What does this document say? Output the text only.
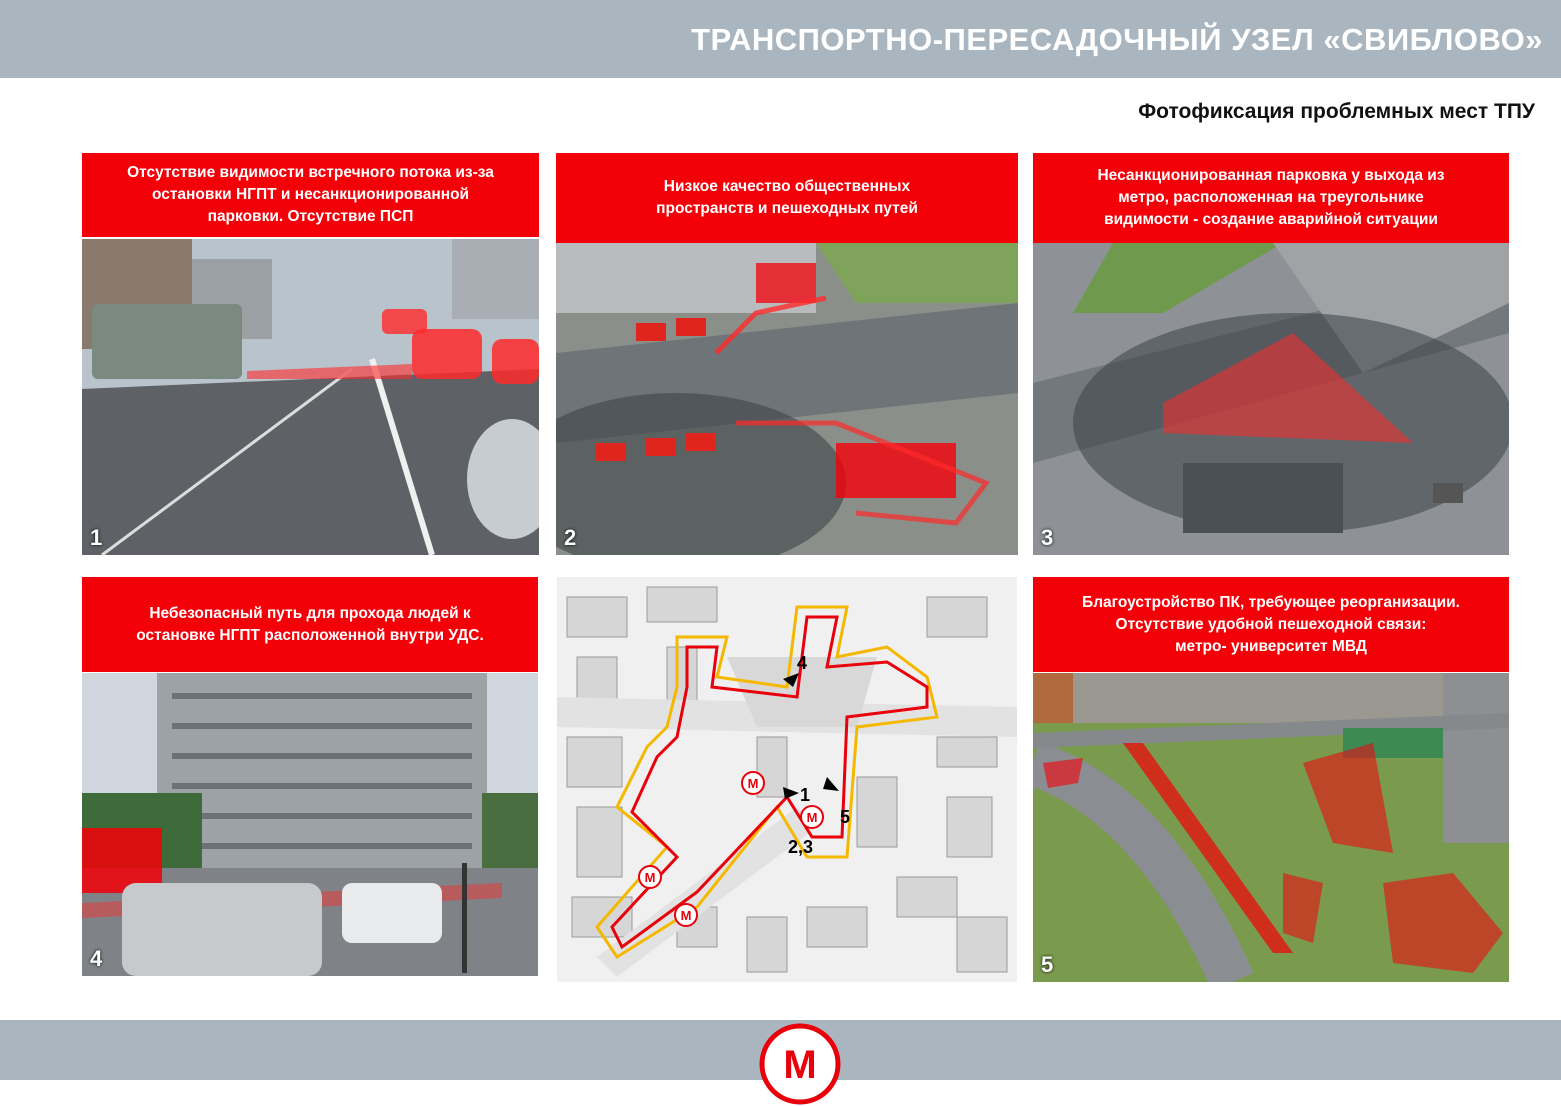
ТРАНСПОРТНО-ПЕРЕСАДОЧНЫЙ УЗЕЛ «СВИБЛОВО»
Фотофиксация проблемных мест ТПУ
Отсутствие видимости встречного потока из-за
остановки НГПТ и несанкционированной
парковки. Отсутствие ПСП
1
Низкое качество общественных
пространств и пешеходных путей
2
Несанкционированная парковка у выхода из
метро, расположенная на треугольнике
видимости - создание аварийной ситуации
3
Небезопасный путь для прохода людей к
остановке НГПТ расположенной внутри УДС.
4
М
М
М
М
4
1
5
2,3
Благоустройство ПК, требующее реорганизации.
Отсутствие удобной пешеходной связи:
метро- университет МВД
5
М
